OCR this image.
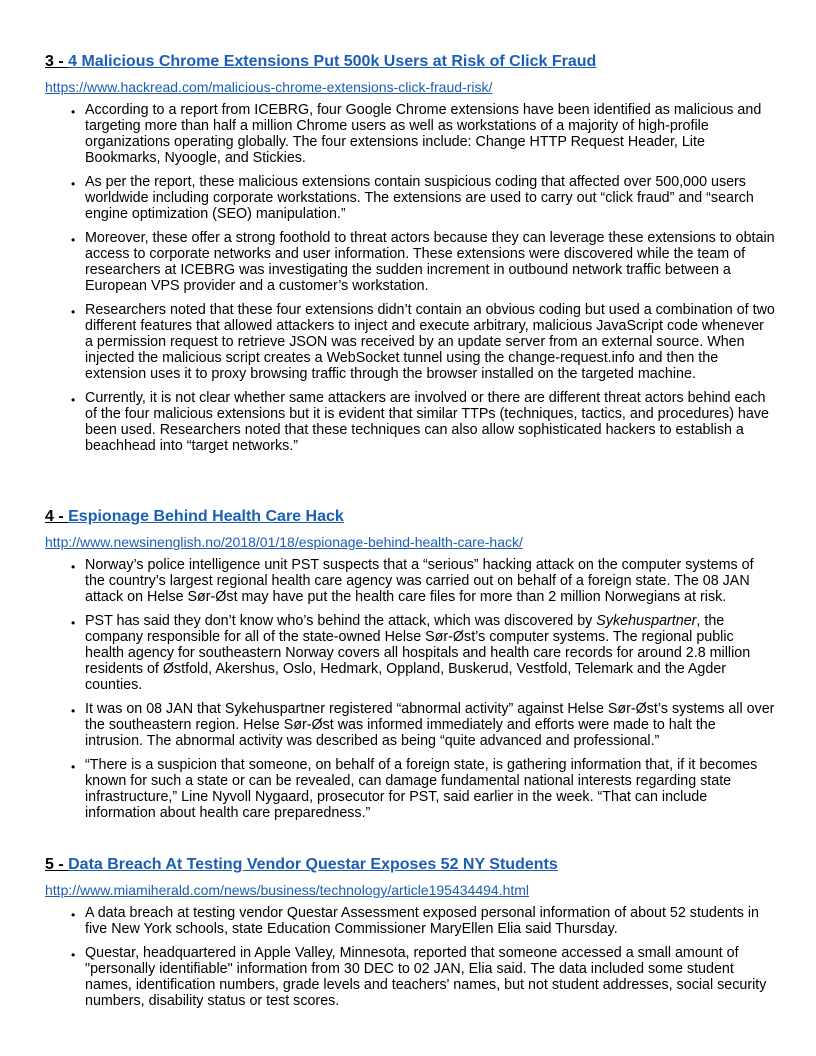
3 - 4 Malicious Chrome Extensions Put 500k Users at Risk of Click Fraud
https://www.hackread.com/malicious-chrome-extensions-click-fraud-risk/
• According to a report from ICEBRG, four Google Chrome extensions have been identified as malicious and targeting more than half a million Chrome users as well as workstations of a majority of high-profile organizations operating globally. The four extensions include: Change HTTP Request Header, Lite Bookmarks, Nyoogle, and Stickies.
• As per the report, these malicious extensions contain suspicious coding that affected over 500,000 users worldwide including corporate workstations. The extensions are used to carry out “click fraud” and “search engine optimization (SEO) manipulation.”
• Moreover, these offer a strong foothold to threat actors because they can leverage these extensions to obtain access to corporate networks and user information. These extensions were discovered while the team of researchers at ICEBRG was investigating the sudden increment in outbound network traffic between a European VPS provider and a customer’s workstation.
• Researchers noted that these four extensions didn’t contain an obvious coding but used a combination of two different features that allowed attackers to inject and execute arbitrary, malicious JavaScript code whenever a permission request to retrieve JSON was received by an update server from an external source. When injected the malicious script creates a WebSocket tunnel using the change-request.info and then the extension uses it to proxy browsing traffic through the browser installed on the targeted machine.
• Currently, it is not clear whether same attackers are involved or there are different threat actors behind each of the four malicious extensions but it is evident that similar TTPs (techniques, tactics, and procedures) have been used. Researchers noted that these techniques can also allow sophisticated hackers to establish a beachhead into “target networks.”
4 - Espionage Behind Health Care Hack
http://www.newsinenglish.no/2018/01/18/espionage-behind-health-care-hack/
• Norway’s police intelligence unit PST suspects that a “serious” hacking attack on the computer systems of the country’s largest regional health care agency was carried out on behalf of a foreign state. The 08 JAN attack on Helse Sør-Øst may have put the health care files for more than 2 million Norwegians at risk.
• PST has said they don’t know who’s behind the attack, which was discovered by Sykehuspartner, the company responsible for all of the state-owned Helse Sør-Øst’s computer systems. The regional public health agency for southeastern Norway covers all hospitals and health care records for around 2.8 million residents of Østfold, Akershus, Oslo, Hedmark, Oppland, Buskerud, Vestfold, Telemark and the Agder counties.
• It was on 08 JAN that Sykehuspartner registered “abnormal activity” against Helse Sør-Øst’s systems all over the southeastern region. Helse Sør-Øst was informed immediately and efforts were made to halt the intrusion. The abnormal activity was described as being “quite advanced and professional.”
• “There is a suspicion that someone, on behalf of a foreign state, is gathering information that, if it becomes known for such a state or can be revealed, can damage fundamental national interests regarding state infrastructure,” Line Nyvoll Nygaard, prosecutor for PST, said earlier in the week. “That can include information about health care preparedness.”
5 - Data Breach At Testing Vendor Questar Exposes 52 NY Students
http://www.miamiherald.com/news/business/technology/article195434494.html
• A data breach at testing vendor Questar Assessment exposed personal information of about 52 students in five New York schools, state Education Commissioner MaryEllen Elia said Thursday.
• Questar, headquartered in Apple Valley, Minnesota, reported that someone accessed a small amount of "personally identifiable" information from 30 DEC to 02 JAN, Elia said. The data included some student names, identification numbers, grade levels and teachers' names, but not student addresses, social security numbers, disability status or test scores.
